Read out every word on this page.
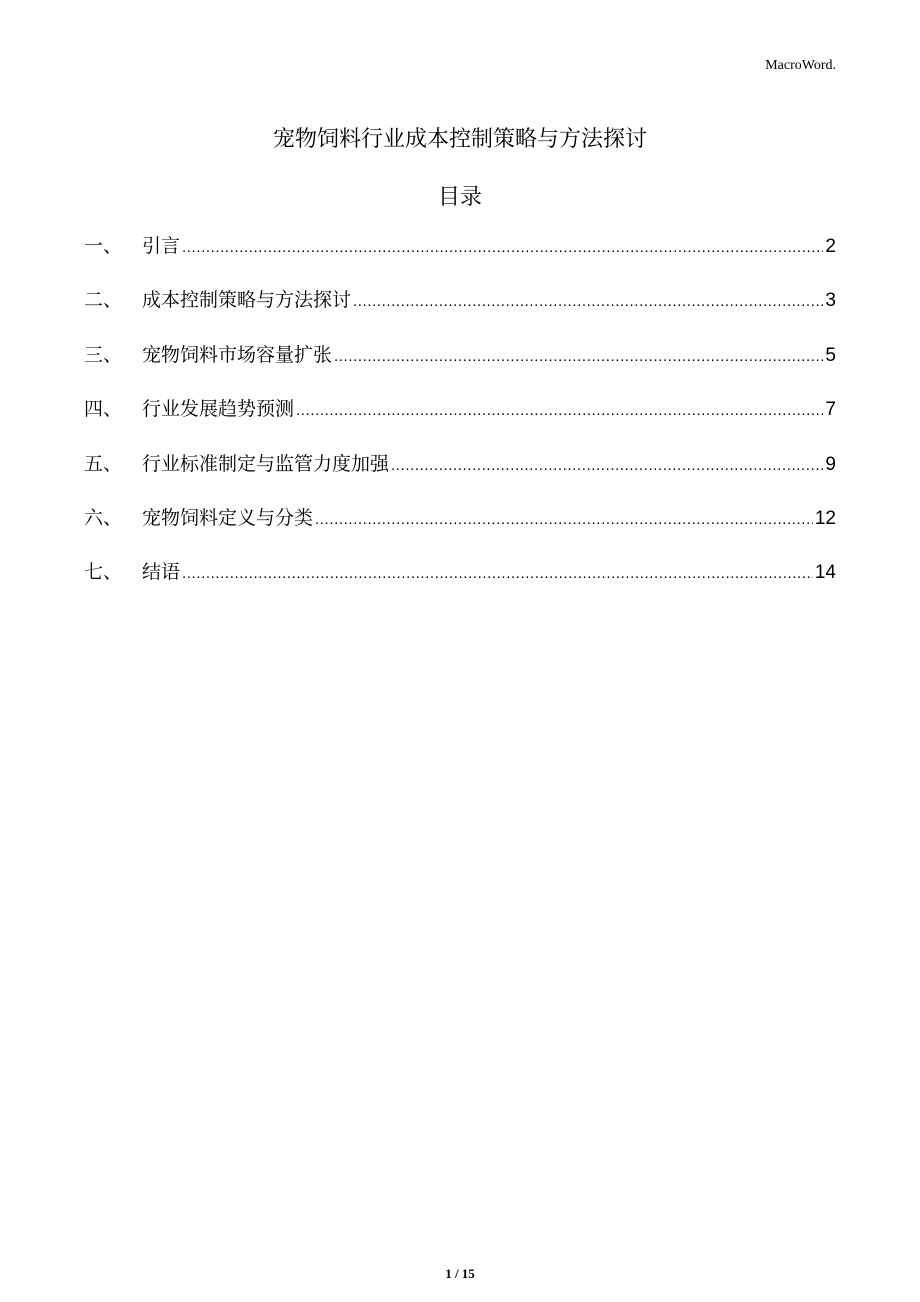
MacroWord.
宠物饲料行业成本控制策略与方法探讨
目录
一、	引言 .....	2
二、	成本控制策略与方法探讨 .....	3
三、	宠物饲料市场容量扩张 .....	5
四、	行业发展趋势预测 .....	7
五、	行业标准制定与监管力度加强 .....	9
六、	宠物饲料定义与分类 .....	12
七、	结语 .....	14
1 / 15
